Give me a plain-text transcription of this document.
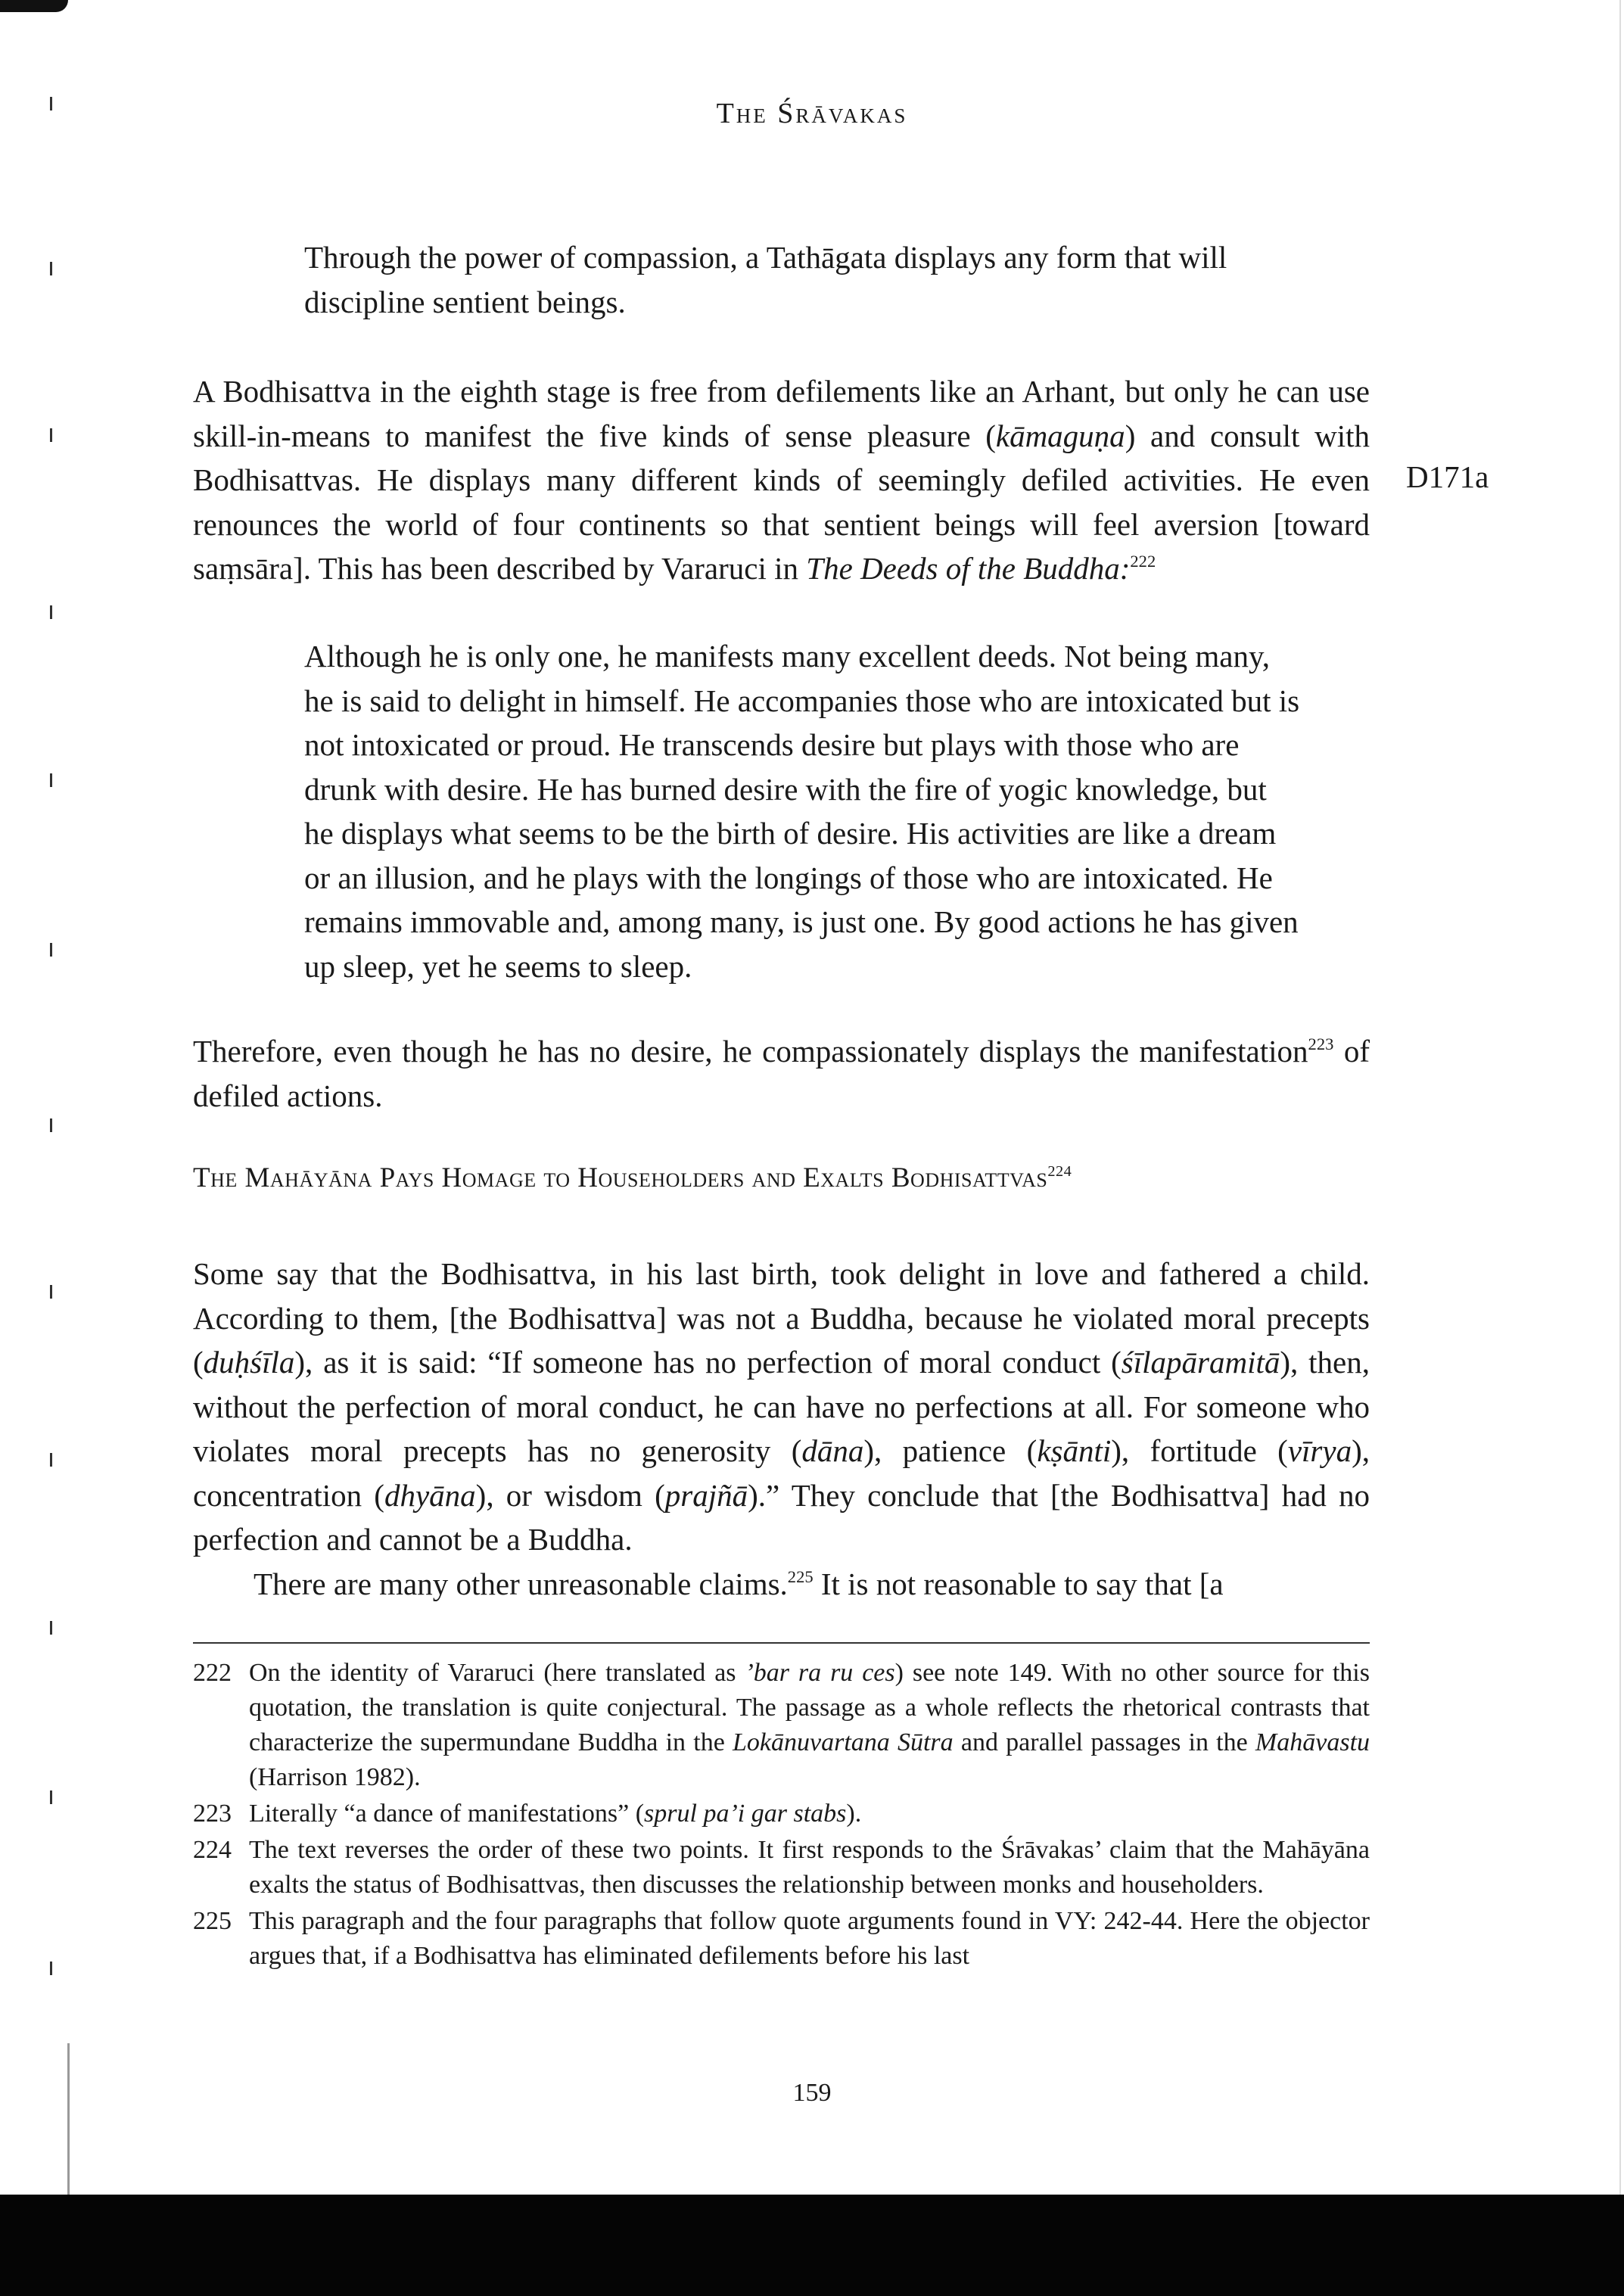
The Śrāvakas

Through the power of compassion, a Tathāgata displays any form that will discipline sentient beings.

A Bodhisattva in the eighth stage is free from defilements like an Arhant, but only he can use skill-in-means to manifest the five kinds of sense pleasure (kāmaguṇa) and consult with Bodhisattvas. He displays many different kinds of seemingly defiled activities. He even renounces the world of four continents so that sentient beings will feel aversion [toward saṃsāra]. This has been described by Vararuci in The Deeds of the Buddha:$^{222}$

D171a

Although he is only one, he manifests many excellent deeds. Not being many, he is said to delight in himself. He accompanies those who are intoxicated but is not intoxicated or proud. He transcends desire but plays with those who are drunk with desire. He has burned desire with the fire of yogic knowledge, but he displays what seems to be the birth of desire. His activities are like a dream or an illusion, and he plays with the longings of those who are intoxicated. He remains immovable and, among many, is just one. By good actions he has given up sleep, yet he seems to sleep.

Therefore, even though he has no desire, he compassionately displays the manifestation$^{223}$ of defiled actions.

The Mahāyāna Pays Homage to Householders and Exalts Bodhisattvas$^{224}$

Some say that the Bodhisattva, in his last birth, took delight in love and fathered a child. According to them, [the Bodhisattva] was not a Buddha, because he violated moral precepts (duḥśīla), as it is said: “If someone has no perfection of moral conduct (śīlapāramitā), then, without the perfection of moral conduct, he can have no perfections at all. For someone who violates moral precepts has no generosity (dāna), patience (kṣānti), fortitude (vīrya), concentration (dhyāna), or wisdom (prajñā).” They conclude that [the Bodhisattva] had no perfection and cannot be a Buddha.

There are many other unreasonable claims.$^{225}$ It is not reasonable to say that [a

222 On the identity of Vararuci (here translated as ’bar ra ru ces) see note 149. With no other source for this quotation, the translation is quite conjectural. The passage as a whole reflects the rhetorical contrasts that characterize the supermundane Buddha in the Lokānuvartana Sūtra and parallel passages in the Mahāvastu (Harrison 1982).
223 Literally “a dance of manifestations” (sprul pa’i gar stabs).
224 The text reverses the order of these two points. It first responds to the Śrāvakas’ claim that the Mahāyāna exalts the status of Bodhisattvas, then discusses the relationship between monks and householders.
225 This paragraph and the four paragraphs that follow quote arguments found in VY: 242-44. Here the objector argues that, if a Bodhisattva has eliminated defilements before his last
159
